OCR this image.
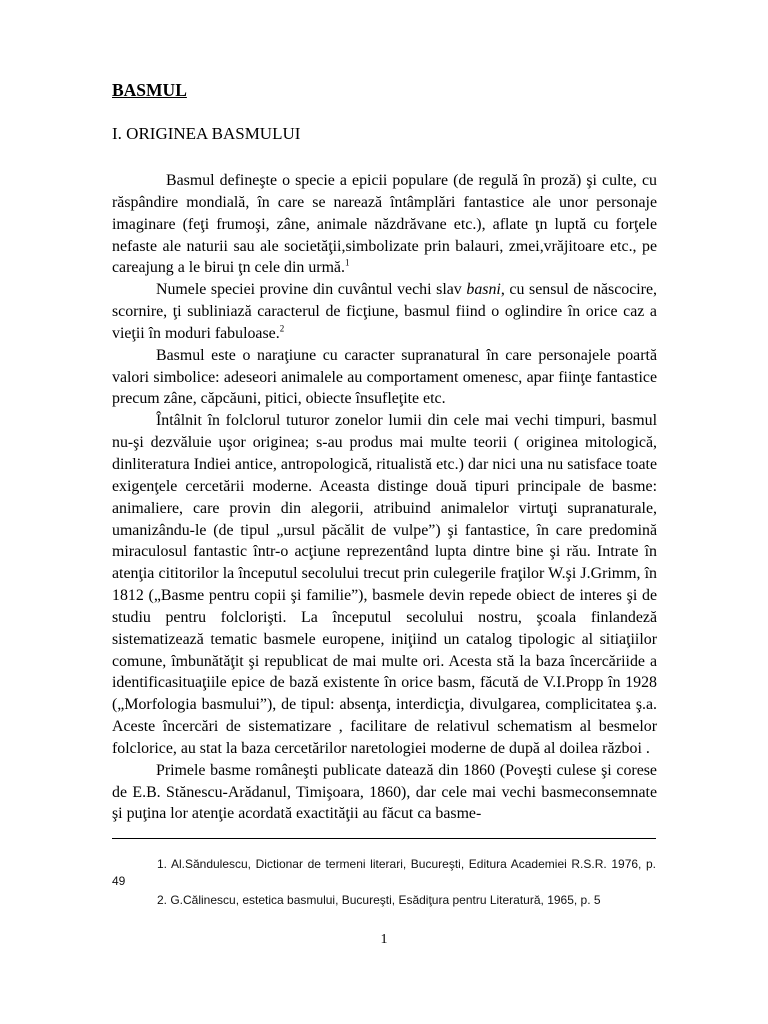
BASMUL
I. ORIGINEA BASMULUI

Basmul defineşte o specie a epicii populare (de regulă în proză) şi culte, cu răspândire mondială, în care se narează întâmplări fantastice ale unor personaje imaginare (feţi frumoşi, zâne, animale năzdrăvane etc.), aflate ţn luptă cu forţele nefaste ale naturii sau ale societăţii,simbolizate prin balauri, zmei,vrăjitoare etc., pe careajung a le birui ţn cele din urmă.$^1$

Numele speciei provine din cuvântul vechi slav basni, cu sensul de născocire, scornire, ţi subliniază caracterul de ficţiune, basmul fiind o oglindire în orice caz a vieţii în moduri fabuloase.$^2$

Basmul este o naraţiune cu caracter supranatural în care personajele poartă valori simbolice: adeseori animalele au comportament omenesc, apar fiinţe fantastice precum zâne, căpcăuni, pitici, obiecte însufleţite etc.

Întâlnit în folclorul tuturor zonelor lumii din cele mai vechi timpuri, basmul nu-şi dezvăluie uşor originea; s-au produs mai multe teorii ( originea mitologică, dinliteratura Indiei antice, antropologică, ritualistă etc.) dar nici una nu satisface toate exigenţele cercetării moderne. Aceasta distinge două tipuri principale de basme: animaliere, care provin din alegorii, atribuind animalelor virtuţi supranaturale, umanizându-le (de tipul „ursul păcălit de vulpe”) şi fantastice, în care predomină miraculosul fantastic într-o acţiune reprezentând lupta dintre bine şi rău. Intrate în atenţia cititorilor la începutul secolului trecut prin culegerile fraţilor W.şi J.Grimm, în 1812 („Basme pentru copii şi familie”), basmele devin repede obiect de interes şi de studiu pentru folclorişti. La începutul secolului nostru, şcoala finlandeză sistematizează tematic basmele europene, iniţiind un catalog tipologic al sitiaţiilor comune, îmbunătăţit şi republicat de mai multe ori. Acesta stă la baza încercăriide a identificasituaţiile epice de bază existente în orice basm, făcută de V.I.Propp în 1928 („Morfologia basmului”), de tipul: absenţa, interdicţia, divulgarea, complicitatea ş.a. Aceste încercări de sistematizare , facilitare de relativul schematism al besmelor folclorice, au stat la baza cercetărilor naretologiei moderne de după al doilea război .

Primele basme româneşti publicate datează din 1860 (Poveşti culese şi corese de E.B. Stănescu-Arădanul, Timişoara, 1860), dar cele mai vechi basmeconsemnate şi puţina lor atenţie acordată exactităţii au făcut ca basme-

1. Al.Săndulescu, Dictionar de termeni literari, Bucureşti, Editura Academiei R.S.R. 1976, p. 49

2. G.Călinescu, estetica basmului, Bucureşti, Esădiţura pentru Literatură, 1965, p. 5

1
